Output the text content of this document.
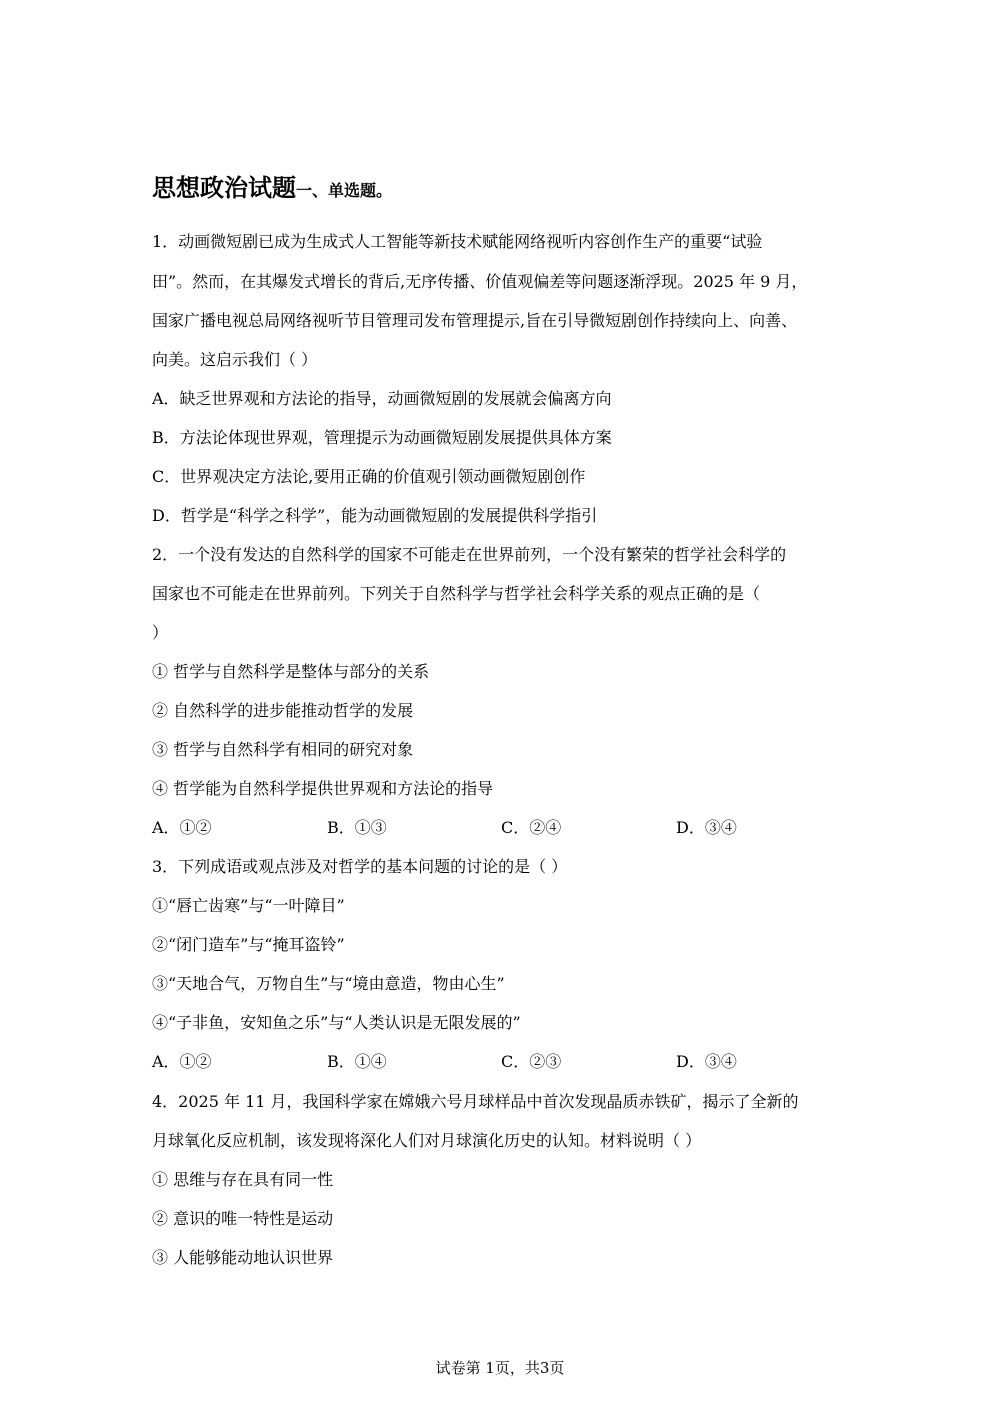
思想政治试题一、单选题。
1．动画微短剧已成为生成式人工智能等新技术赋能网络视听内容创作生产的重要“试验
田”。然而，在其爆发式增长的背后,无序传播、价值观偏差等问题逐渐浮现。2025 年 9 月，
国家广播电视总局网络视听节目管理司发布管理提示,旨在引导微短剧创作持续向上、向善、
向美。这启示我们（ ）
A．缺乏世界观和方法论的指导，动画微短剧的发展就会偏离方向
B．方法论体现世界观，管理提示为动画微短剧发展提供具体方案
C．世界观决定方法论,要用正确的价值观引领动画微短剧创作
D．哲学是“科学之科学”，能为动画微短剧的发展提供科学指引
2．一个没有发达的自然科学的国家不可能走在世界前列，一个没有繁荣的哲学社会科学的
国家也不可能走在世界前列。下列关于自然科学与哲学社会科学关系的观点正确的是（
）
① 哲学与自然科学是整体与部分的关系
② 自然科学的进步能推动哲学的发展
③ 哲学与自然科学有相同的研究对象
④ 哲学能为自然科学提供世界观和方法论的指导
A．①②	B．①③	C．②④	D．③④
3．下列成语或观点涉及对哲学的基本问题的讨论的是（ ）
①“唇亡齿寒”与“一叶障目”
②“闭门造车”与“掩耳盗铃”
③“天地合气，万物自生”与“境由意造，物由心生”
④“子非鱼，安知鱼之乐”与“人类认识是无限发展的”
A．①②	B．①④	C．②③	D．③④
4．2025 年 11 月，我国科学家在嫦娥六号月球样品中首次发现晶质赤铁矿，揭示了全新的
月球氧化反应机制，该发现将深化人们对月球演化历史的认知。材料说明（ ）
① 思维与存在具有同一性
② 意识的唯一特性是运动
③ 人能够能动地认识世界
试卷第 1页，共3页
